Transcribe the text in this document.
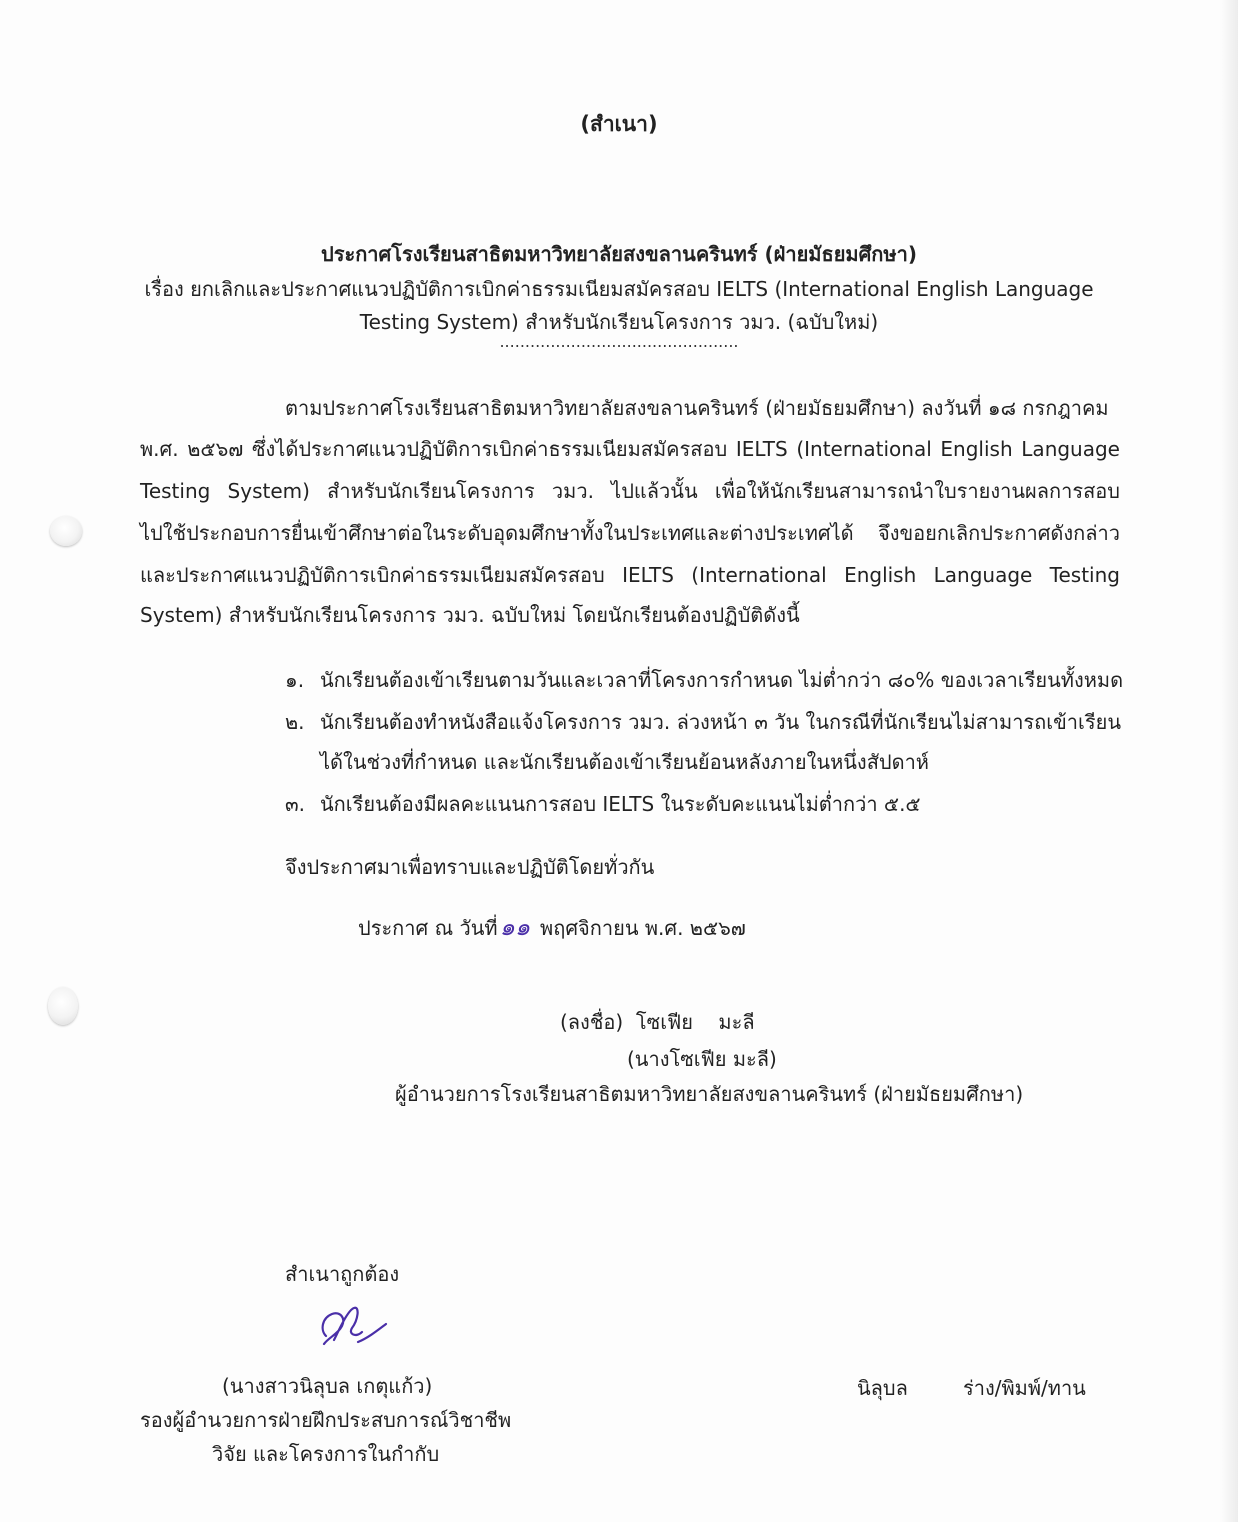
(สำเนา)
ประกาศโรงเรียนสาธิตมหาวิทยาลัยสงขลานครินทร์ (ฝ่ายมัธยมศึกษา)
เรื่อง ยกเลิกและประกาศแนวปฏิบัติการเบิกค่าธรรมเนียมสมัครสอบ IELTS (International English Language
Testing System) สำหรับนักเรียนโครงการ วมว. (ฉบับใหม่)
...............................................
ตามประกาศโรงเรียนสาธิตมหาวิทยาลัยสงขลานครินทร์ (ฝ่ายมัธยมศึกษา) ลงวันที่ ๑๘ กรกฎาคม
พ.ศ. ๒๕๖๗ ซึ่งได้ประกาศแนวปฏิบัติการเบิกค่าธรรมเนียมสมัครสอบ IELTS (International English Language
Testing System) สำหรับนักเรียนโครงการ วมว. ไปแล้วนั้น เพื่อให้นักเรียนสามารถนำใบรายงานผลการสอบ
ไปใช้ประกอบการยื่นเข้าศึกษาต่อในระดับอุดมศึกษาทั้งในประเทศและต่างประเทศได้ จึงขอยกเลิกประกาศดังกล่าว
และประกาศแนวปฏิบัติการเบิกค่าธรรมเนียมสมัครสอบ IELTS (International English Language Testing
System) สำหรับนักเรียนโครงการ วมว. ฉบับใหม่ โดยนักเรียนต้องปฏิบัติดังนี้
๑. นักเรียนต้องเข้าเรียนตามวันและเวลาที่โครงการกำหนด ไม่ต่ำกว่า ๘๐% ของเวลาเรียนทั้งหมด
๒. นักเรียนต้องทำหนังสือแจ้งโครงการ วมว. ล่วงหน้า ๓ วัน ในกรณีที่นักเรียนไม่สามารถเข้าเรียน
ได้ในช่วงที่กำหนด และนักเรียนต้องเข้าเรียนย้อนหลังภายในหนึ่งสัปดาห์
๓. นักเรียนต้องมีผลคะแนนการสอบ IELTS ในระดับคะแนนไม่ต่ำกว่า ๕.๕
จึงประกาศมาเพื่อทราบและปฏิบัติโดยทั่วกัน
ประกาศ ณ วันที่๑๑ พฤศจิกายน พ.ศ. ๒๕๖๗
(ลงชื่อ)  โซเฟีย    มะลี
(นางโซเฟีย มะลี)
ผู้อำนวยการโรงเรียนสาธิตมหาวิทยาลัยสงขลานครินทร์ (ฝ่ายมัธยมศึกษา)
สำเนาถูกต้อง
(นางสาวนิลุบล เกตุแก้ว)
รองผู้อำนวยการฝ่ายฝึกประสบการณ์วิชาชีพ
วิจัย และโครงการในกำกับ
นิลุบล	ร่าง/พิมพ์/ทาน
